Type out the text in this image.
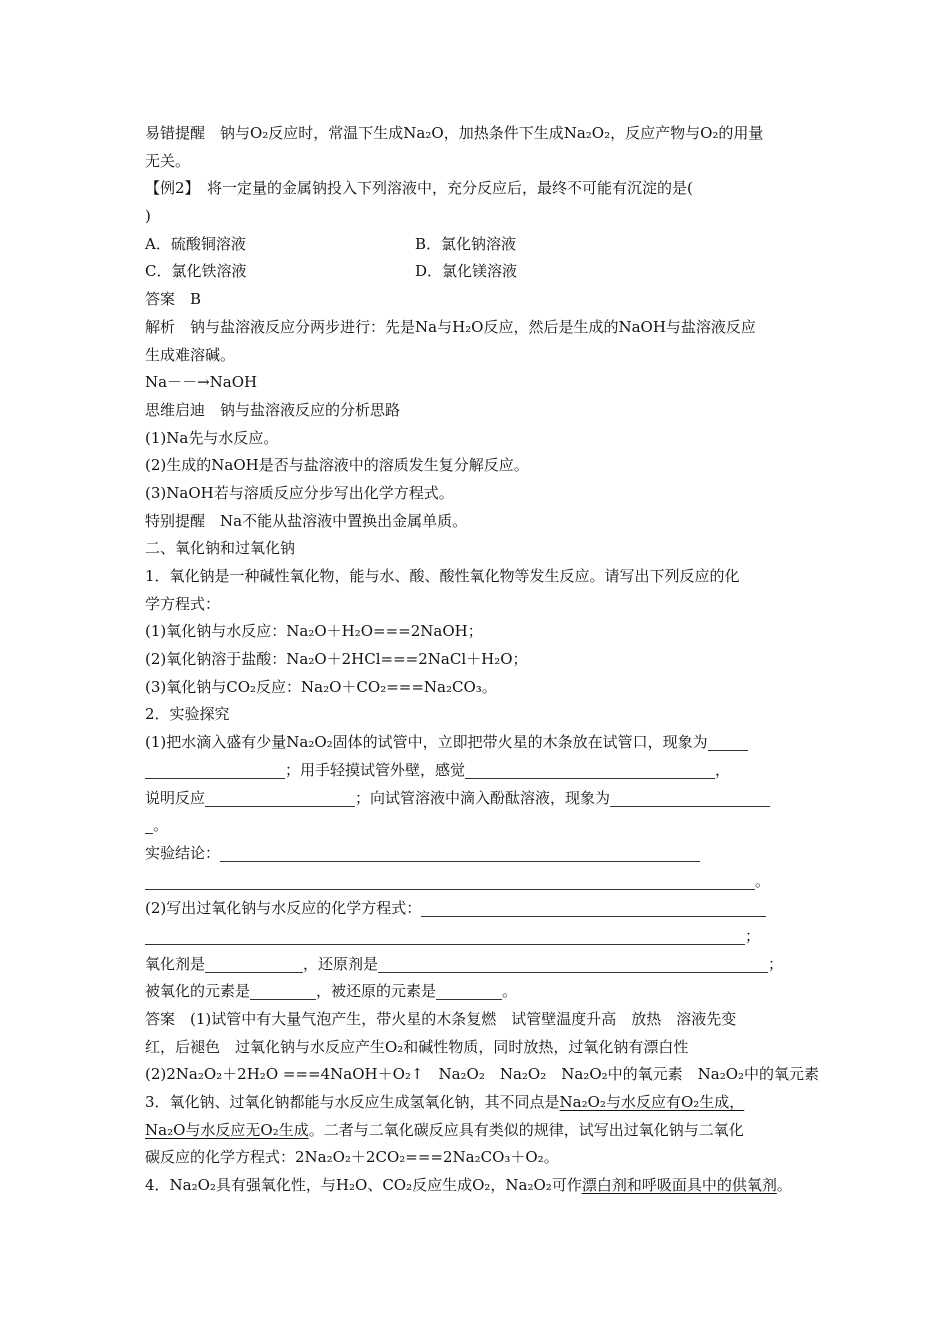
易错提醒　钠与O₂反应时，常温下生成Na₂O，加热条件下生成Na₂O₂，反应产物与O₂的用量
无关。
【例2】　将一定量的金属钠投入下列溶液中，充分反应后，最终不可能有沉淀的是(
)
A．硫酸铜溶液	B．氯化钠溶液
C．氯化铁溶液	D．氯化镁溶液
答案　B
解析　钠与盐溶液反应分两步进行：先是Na与H₂O反应，然后是生成的NaOH与盐溶液反应
生成难溶碱。
Na－－→NaOH
思维启迪　钠与盐溶液反应的分析思路
(1)Na先与水反应。
(2)生成的NaOH是否与盐溶液中的溶质发生复分解反应。
(3)NaOH若与溶质反应分步写出化学方程式。
特别提醒　Na不能从盐溶液中置换出金属单质。
二、氧化钠和过氧化钠
1．氧化钠是一种碱性氧化物，能与水、酸、酸性氧化物等发生反应。请写出下列反应的化
学方程式：
(1)氧化钠与水反应：Na₂O＋H₂O===2NaOH；
(2)氧化钠溶于盐酸：Na₂O＋2HCl===2NaCl＋H₂O；
(3)氧化钠与CO₂反应：Na₂O＋CO₂===Na₂CO₃。
2．实验探究
(1)把水滴入盛有少量Na₂O₂固体的试管中，立即把带火星的木条放在试管口，现象为
；用手轻摸试管外壁，感觉	，
说明反应	；向试管溶液中滴入酚酞溶液，现象为
。
实验结论：
。
(2)写出过氧化钠与水反应的化学方程式：
；
氧化剂是	，还原剂是	；
被氧化的元素是	，被还原的元素是	。
答案　(1)试管中有大量气泡产生，带火星的木条复燃　试管壁温度升高　放热　溶液先变
红，后褪色　过氧化钠与水反应产生O₂和碱性物质，同时放热，过氧化钠有漂白性
(2)2Na₂O₂＋2H₂O ===4NaOH＋O₂↑　Na₂O₂　Na₂O₂　Na₂O₂中的氧元素　Na₂O₂中的氧元素
3．氧化钠、过氧化钠都能与水反应生成氢氧化钠，其不同点是Na₂O₂与水反应有O₂生成，
Na₂O与水反应无O₂生成。二者与二氧化碳反应具有类似的规律，试写出过氧化钠与二氧化
碳反应的化学方程式：2Na₂O₂＋2CO₂===2Na₂CO₃＋O₂。
4．Na₂O₂具有强氧化性，与H₂O、CO₂反应生成O₂，Na₂O₂可作漂白剂和呼吸面具中的供氧剂。
